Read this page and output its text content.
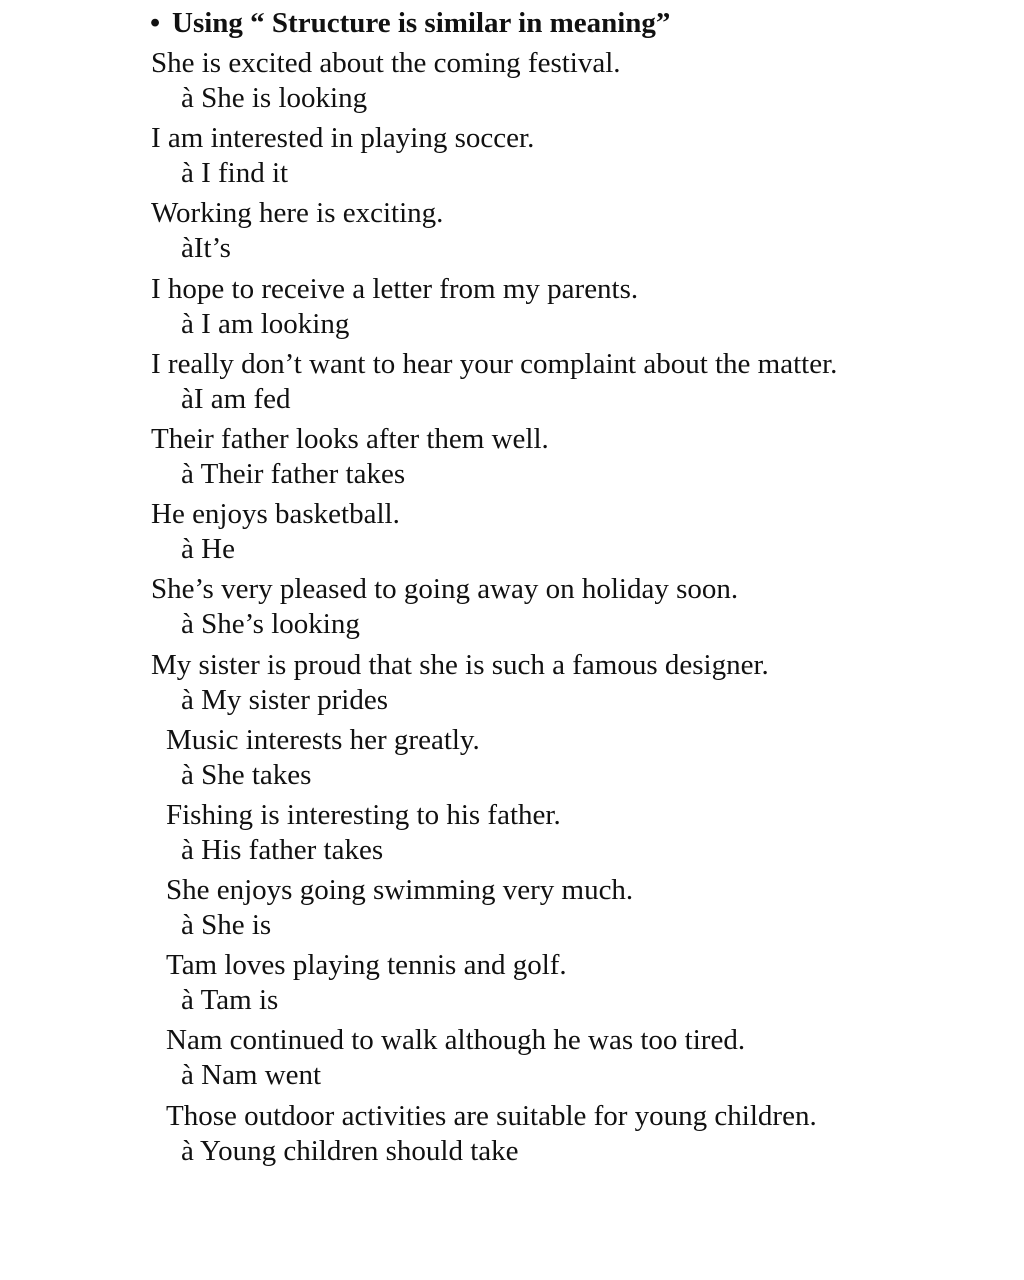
• Using “ Structure is similar in meaning”
She is excited about the coming festival.
à She is looking
I am interested in playing soccer.
à I find it
Working here is exciting.
àIt’s
I hope to receive a letter from my parents.
à I am looking
I really don’t want to hear your complaint about the matter.
àI am fed
Their father looks after them well.
à Their father takes
He enjoys basketball.
à He
She’s very pleased to going away on holiday soon.
à She’s looking
My sister is proud that she is such a famous designer.
à My sister prides
Music interests her greatly.
à She takes
Fishing is interesting to his father.
à His father takes
She enjoys going swimming very much.
à She is
Tam loves playing tennis and golf.
à Tam is
Nam continued to walk although he was too tired.
à Nam went
Those outdoor activities are suitable for young children.
à Young children should take
